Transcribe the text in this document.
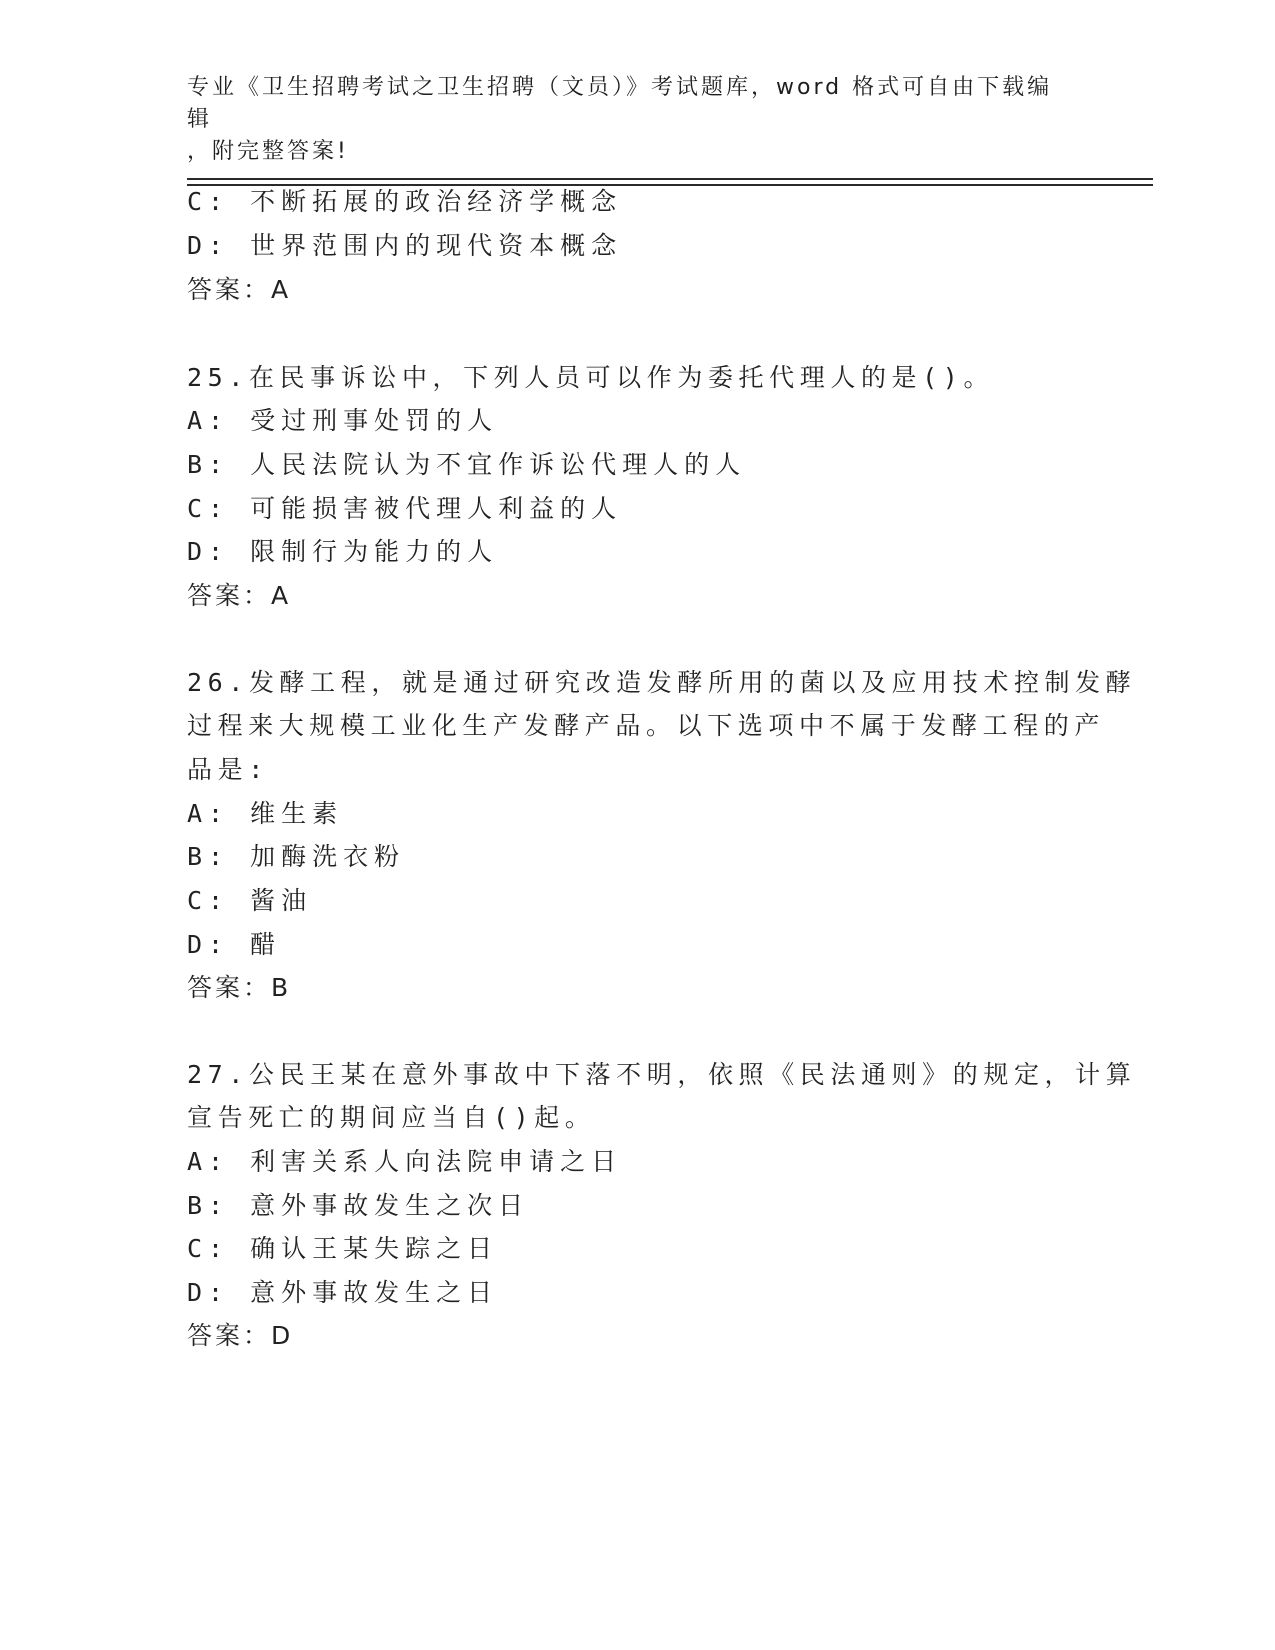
专业《卫生招聘考试之卫生招聘（文员）》考试题库，word 格式可自由下载编辑
，附完整答案!
C: 不断拓展的政治经济学概念
D: 世界范围内的现代资本概念
答案：A
25.在民事诉讼中，下列人员可以作为委托代理人的是()。
A: 受过刑事处罚的人
B: 人民法院认为不宜作诉讼代理人的人
C: 可能损害被代理人利益的人
D: 限制行为能力的人
答案：A
26.发酵工程，就是通过研究改造发酵所用的菌以及应用技术控制发酵
过程来大规模工业化生产发酵产品。以下选项中不属于发酵工程的产
品是:
A: 维生素
B: 加酶洗衣粉
C: 酱油
D: 醋
答案：B
27.公民王某在意外事故中下落不明，依照《民法通则》的规定，计算
宣告死亡的期间应当自()起。
A: 利害关系人向法院申请之日
B: 意外事故发生之次日
C: 确认王某失踪之日
D: 意外事故发生之日
答案：D
